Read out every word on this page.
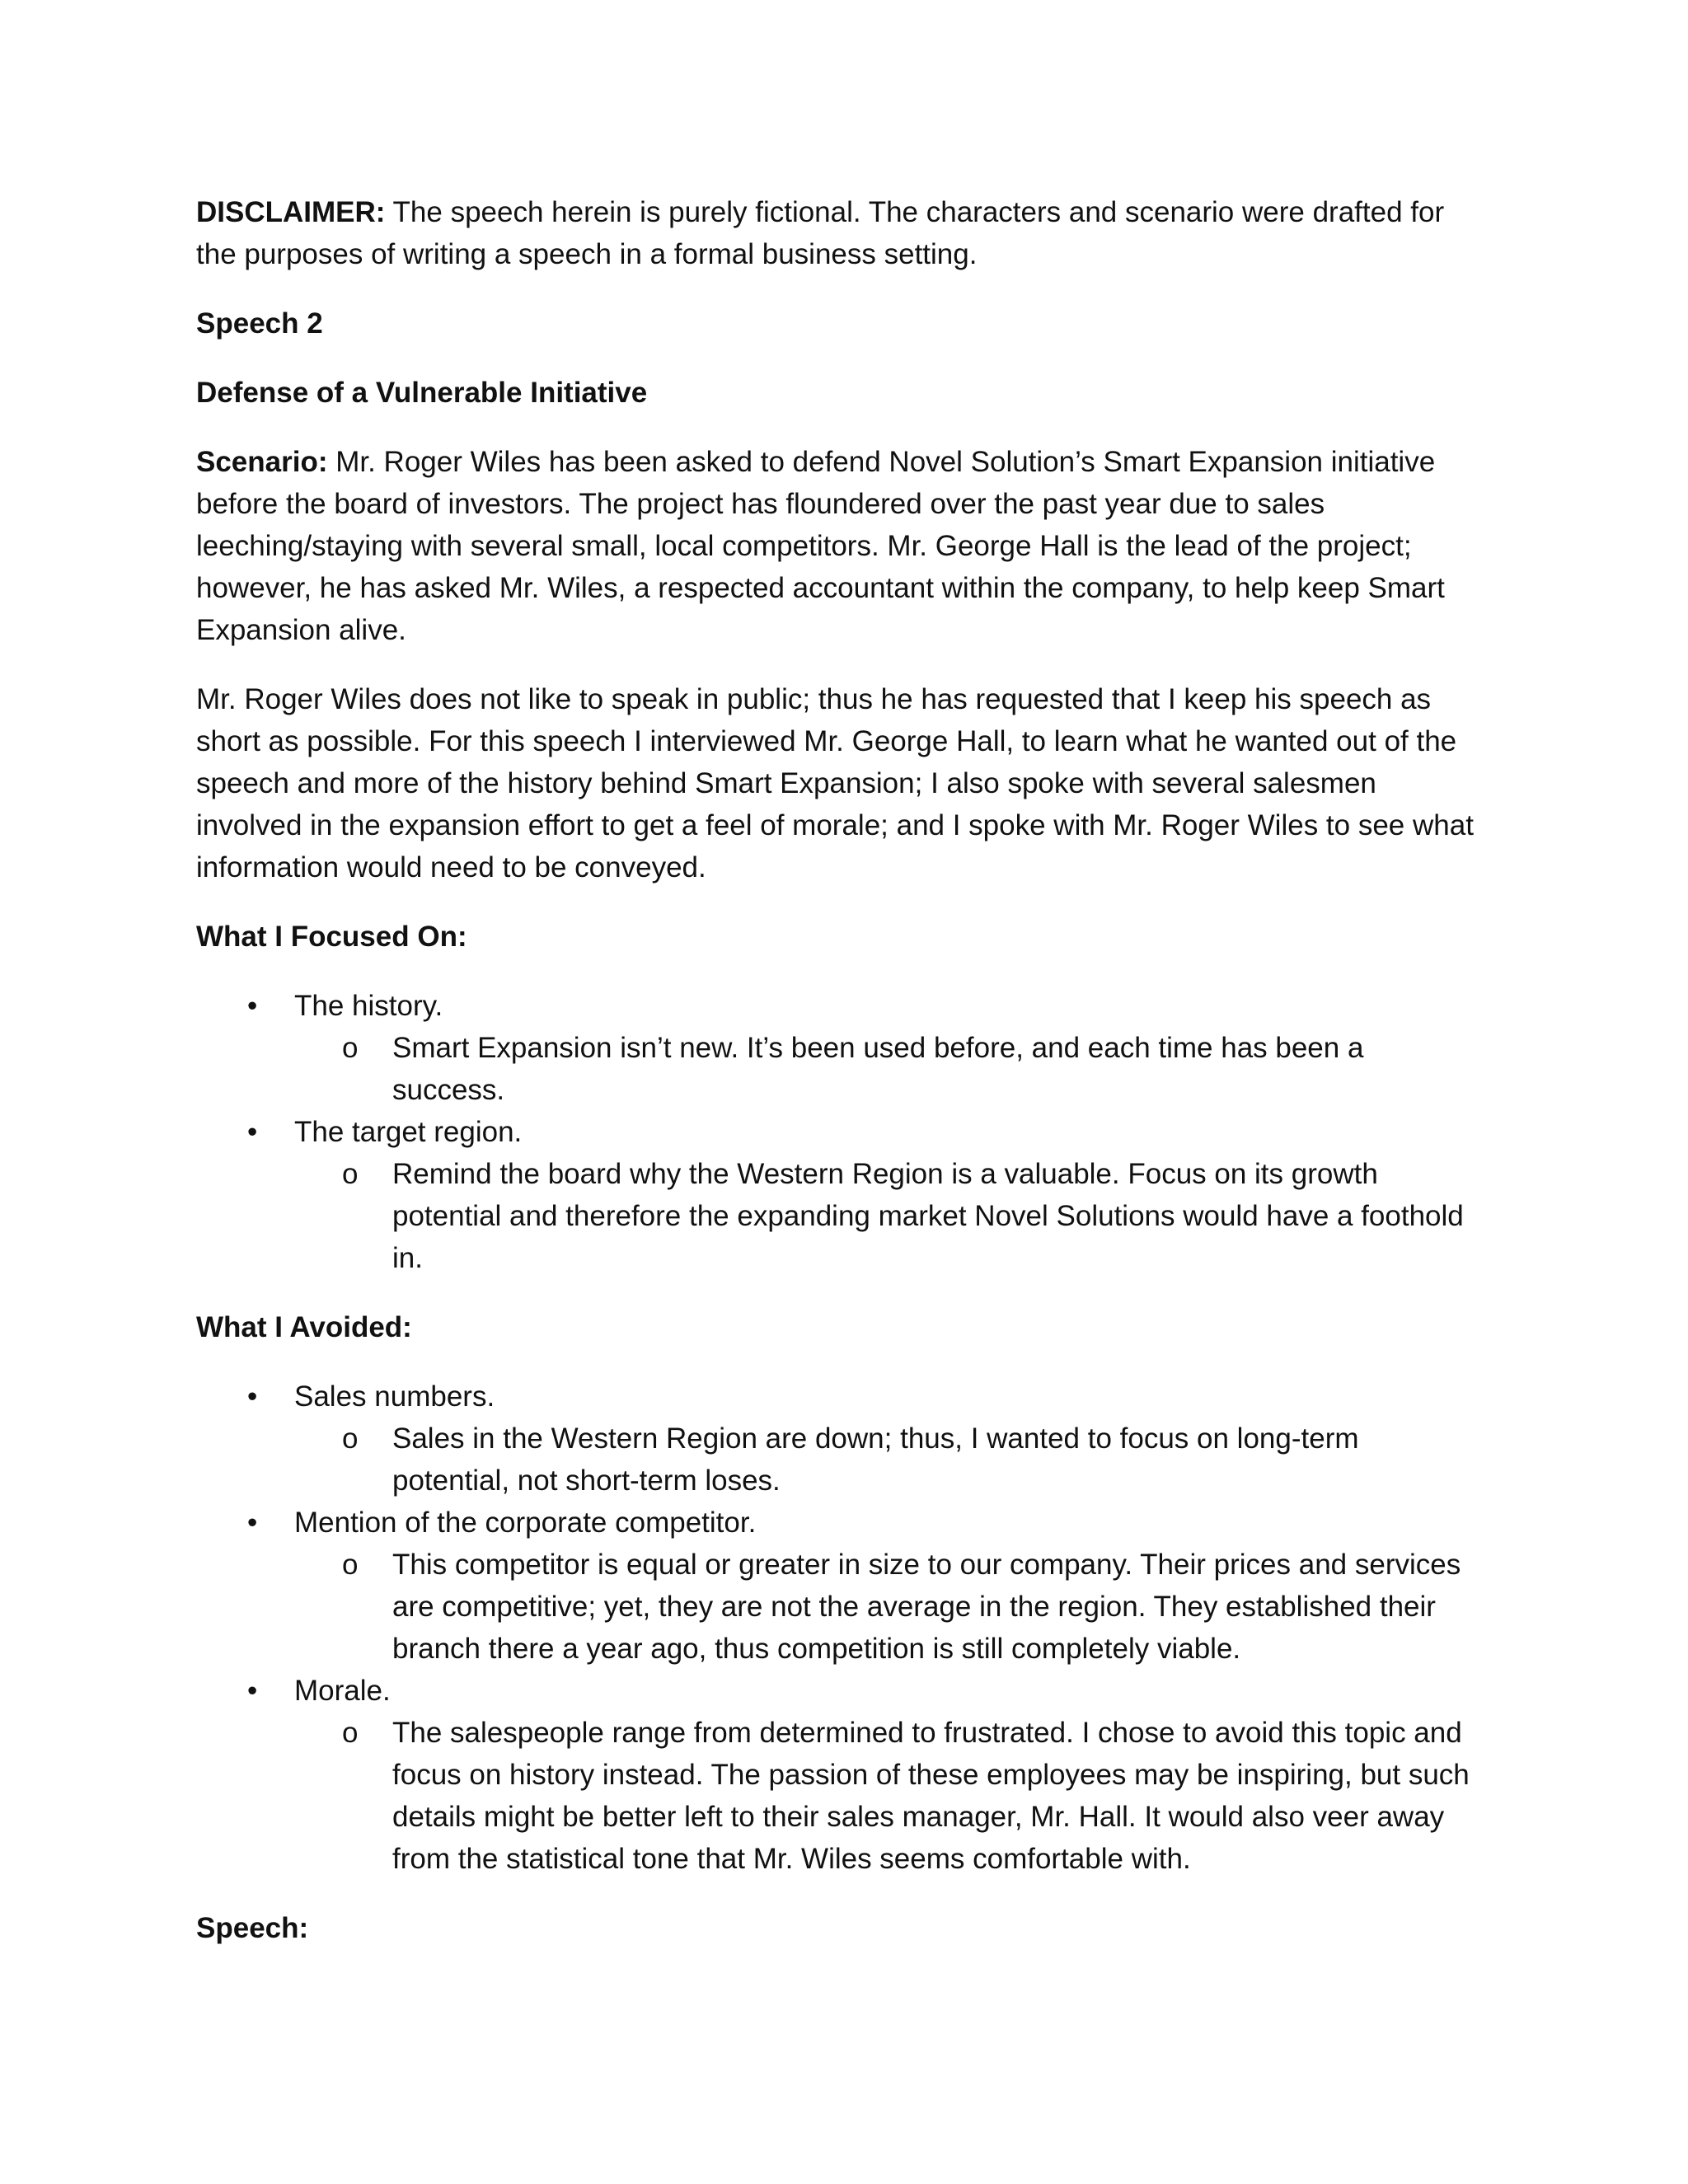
DISCLAIMER: The speech herein is purely fictional. The characters and scenario were drafted for the purposes of writing a speech in a formal business setting.

Speech 2

Defense of a Vulnerable Initiative

Scenario: Mr. Roger Wiles has been asked to defend Novel Solution’s Smart Expansion initiative before the board of investors. The project has floundered over the past year due to sales leeching/staying with several small, local competitors. Mr. George Hall is the lead of the project; however, he has asked Mr. Wiles, a respected accountant within the company, to help keep Smart Expansion alive.

Mr. Roger Wiles does not like to speak in public; thus he has requested that I keep his speech as short as possible. For this speech I interviewed Mr. George Hall, to learn what he wanted out of the speech and more of the history behind Smart Expansion; I also spoke with several salesmen involved in the expansion effort to get a feel of morale; and I spoke with Mr. Roger Wiles to see what information would need to be conveyed.

What I Focused On:

• The history.
o Smart Expansion isn’t new. It’s been used before, and each time has been a success.
• The target region.
o Remind the board why the Western Region is a valuable. Focus on its growth potential and therefore the expanding market Novel Solutions would have a foothold in.

What I Avoided:

• Sales numbers.
o Sales in the Western Region are down; thus, I wanted to focus on long-term potential, not short-term loses.
• Mention of the corporate competitor.
o This competitor is equal or greater in size to our company. Their prices and services are competitive; yet, they are not the average in the region. They established their branch there a year ago, thus competition is still completely viable.
• Morale.
o The salespeople range from determined to frustrated. I chose to avoid this topic and focus on history instead. The passion of these employees may be inspiring, but such details might be better left to their sales manager, Mr. Hall. It would also veer away from the statistical tone that Mr. Wiles seems comfortable with.

Speech:
